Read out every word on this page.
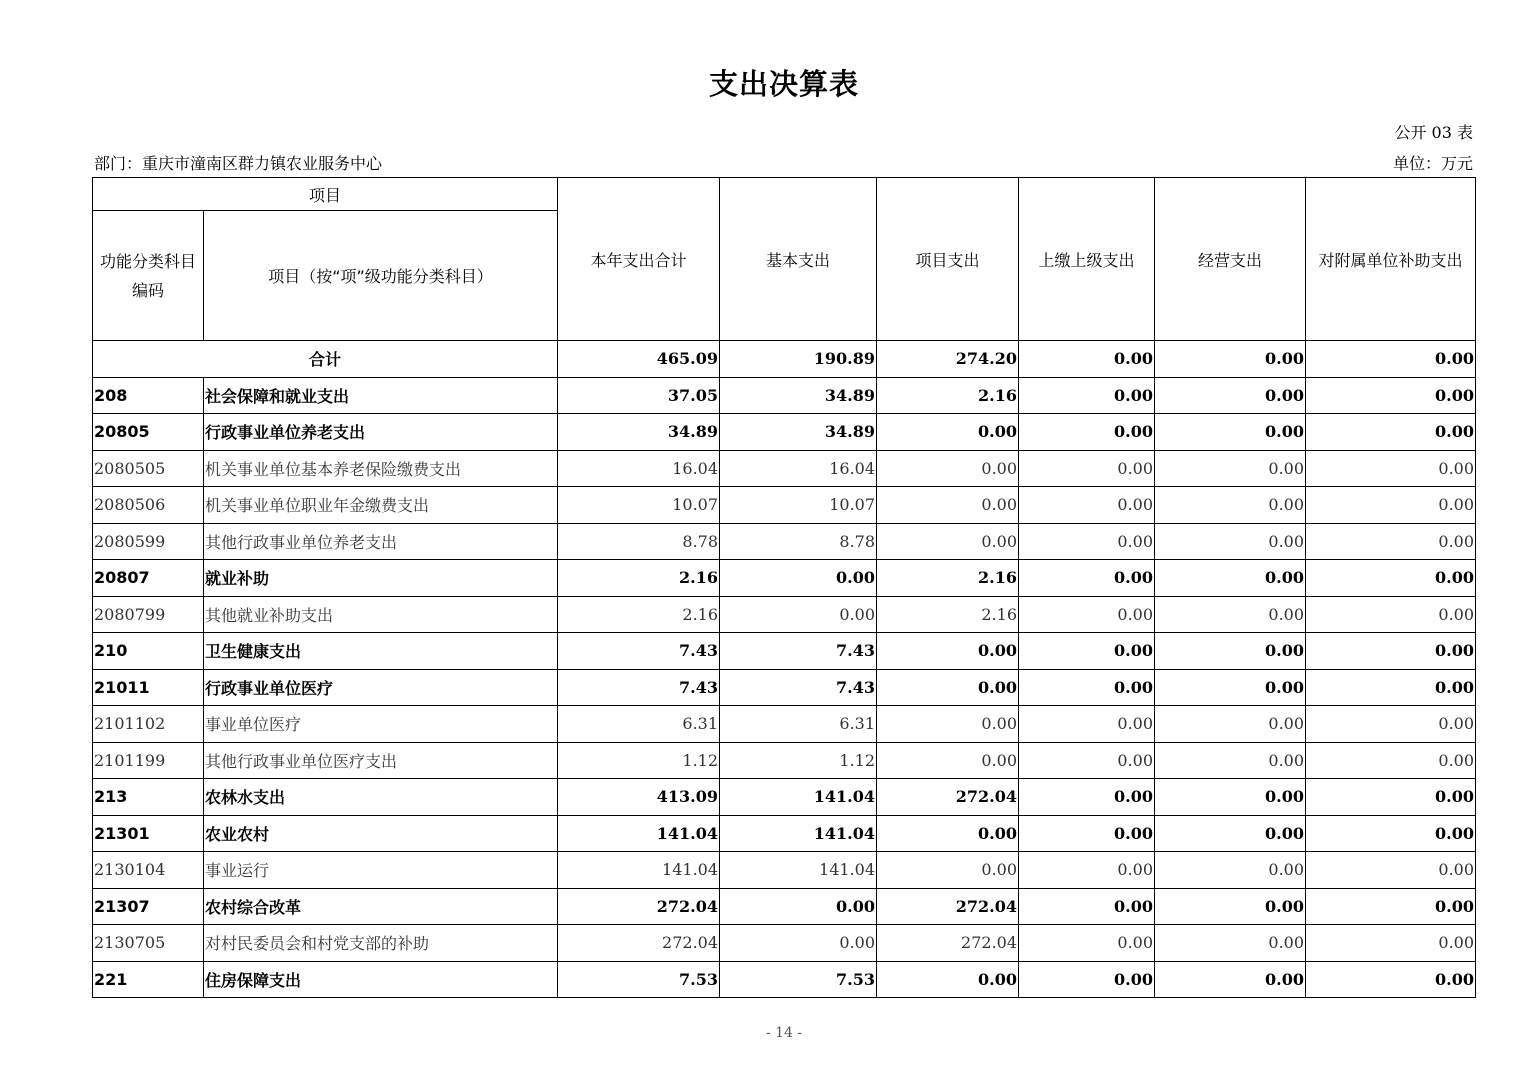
支出决算表
公开 03 表
部门：重庆市潼南区群力镇农业服务中心	单位：万元
项目		本年支出合计	基本支出	项目支出	上缴上级支出	经营支出	对附属单位补助支出
功能分类科目编码	项目（按“项”级功能分类科目）						
合计		465.09	190.89	274.20	0.00	0.00	0.00
208	社会保障和就业支出	37.05	34.89	2.16	0.00	0.00	0.00
20805	行政事业单位养老支出	34.89	34.89	0.00	0.00	0.00	0.00
2080505	机关事业单位基本养老保险缴费支出	16.04	16.04	0.00	0.00	0.00	0.00
2080506	机关事业单位职业年金缴费支出	10.07	10.07	0.00	0.00	0.00	0.00
2080599	其他行政事业单位养老支出	8.78	8.78	0.00	0.00	0.00	0.00
20807	就业补助	2.16	0.00	2.16	0.00	0.00	0.00
2080799	其他就业补助支出	2.16	0.00	2.16	0.00	0.00	0.00
210	卫生健康支出	7.43	7.43	0.00	0.00	0.00	0.00
21011	行政事业单位医疗	7.43	7.43	0.00	0.00	0.00	0.00
2101102	事业单位医疗	6.31	6.31	0.00	0.00	0.00	0.00
2101199	其他行政事业单位医疗支出	1.12	1.12	0.00	0.00	0.00	0.00
213	农林水支出	413.09	141.04	272.04	0.00	0.00	0.00
21301	农业农村	141.04	141.04	0.00	0.00	0.00	0.00
2130104	事业运行	141.04	141.04	0.00	0.00	0.00	0.00
21307	农村综合改革	272.04	0.00	272.04	0.00	0.00	0.00
2130705	对村民委员会和村党支部的补助	272.04	0.00	272.04	0.00	0.00	0.00
221	住房保障支出	7.53	7.53	0.00	0.00	0.00	0.00
- 14 -
